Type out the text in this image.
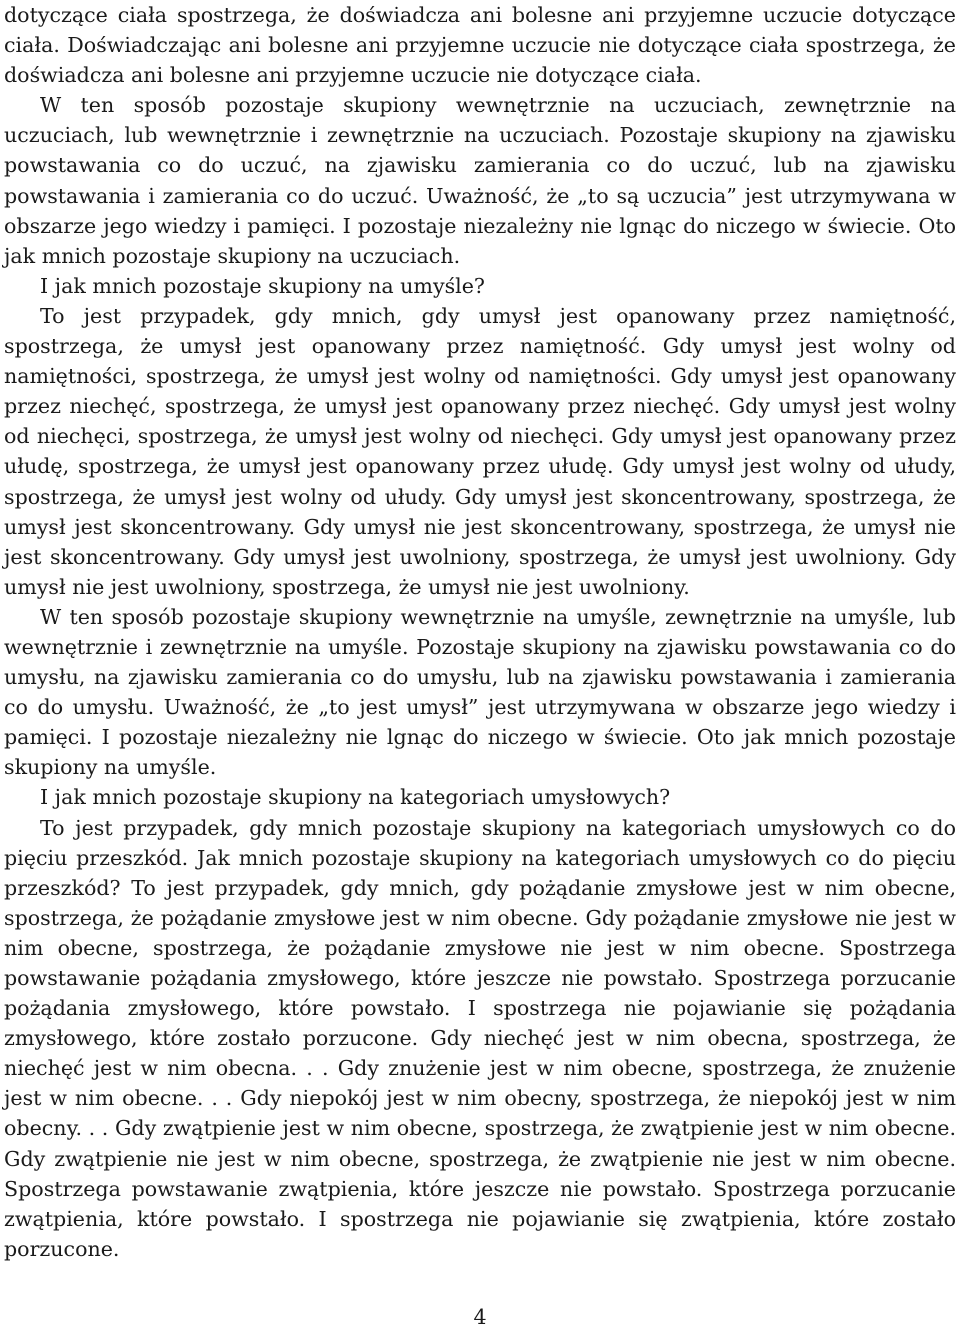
dotyczące ciała spostrzega, że doświadcza ani bolesne ani przyjemne uczucie dotyczące ciała. Doświadczając ani bolesne ani przyjemne uczucie nie dotyczące ciała spostrzega, że doświadcza ani bolesne ani przyjemne uczucie nie dotyczące ciała.

W ten sposób pozostaje skupiony wewnętrznie na uczuciach, zewnętrznie na uczuciach, lub wewnętrznie i zewnętrznie na uczuciach. Pozostaje skupiony na zjawisku powstawania co do uczuć, na zjawisku zamierania co do uczuć, lub na zjawisku powstawania i zamierania co do uczuć. Uważność, że „to są uczucia” jest utrzymywana w obszarze jego wiedzy i pamięci. I pozostaje niezależny nie lgnąc do niczego w świecie. Oto jak mnich pozostaje skupiony na uczuciach.

I jak mnich pozostaje skupiony na umyśle?

To jest przypadek, gdy mnich, gdy umysł jest opanowany przez namiętność, spostrzega, że umysł jest opanowany przez namiętność. Gdy umysł jest wolny od namiętności, spostrzega, że umysł jest wolny od namiętności. Gdy umysł jest opanowany przez niechęć, spostrzega, że umysł jest opanowany przez niechęć. Gdy umysł jest wolny od niechęci, spostrzega, że umysł jest wolny od niechęci. Gdy umysł jest opanowany przez ułudę, spostrzega, że umysł jest opanowany przez ułudę. Gdy umysł jest wolny od ułudy, spostrzega, że umysł jest wolny od ułudy. Gdy umysł jest skoncentrowany, spostrzega, że umysł jest skoncentrowany. Gdy umysł nie jest skoncentrowany, spostrzega, że umysł nie jest skoncentrowany. Gdy umysł jest uwolniony, spostrzega, że umysł jest uwolniony. Gdy umysł nie jest uwolniony, spostrzega, że umysł nie jest uwolniony.

W ten sposób pozostaje skupiony wewnętrznie na umyśle, zewnętrznie na umyśle, lub wewnętrznie i zewnętrznie na umyśle. Pozostaje skupiony na zjawisku powstawania co do umysłu, na zjawisku zamierania co do umysłu, lub na zjawisku powstawania i zamierania co do umysłu. Uważność, że „to jest umysł” jest utrzymywana w obszarze jego wiedzy i pamięci. I pozostaje niezależny nie lgnąc do niczego w świecie. Oto jak mnich pozostaje skupiony na umyśle.

I jak mnich pozostaje skupiony na kategoriach umysłowych?

To jest przypadek, gdy mnich pozostaje skupiony na kategoriach umysłowych co do pięciu przeszkód. Jak mnich pozostaje skupiony na kategoriach umysłowych co do pięciu przeszkód? To jest przypadek, gdy mnich, gdy pożądanie zmysłowe jest w nim obecne, spostrzega, że pożądanie zmysłowe jest w nim obecne. Gdy pożądanie zmysłowe nie jest w nim obecne, spostrzega, że pożądanie zmysłowe nie jest w nim obecne. Spostrzega powstawanie pożądania zmysłowego, które jeszcze nie powstało. Spostrzega porzucanie pożądania zmysłowego, które powstało. I spostrzega nie pojawianie się pożądania zmysłowego, które zostało porzucone. Gdy niechęć jest w nim obecna, spostrzega, że niechęć jest w nim obecna. . . Gdy znużenie jest w nim obecne, spostrzega, że znużenie jest w nim obecne. . . Gdy niepokój jest w nim obecny, spostrzega, że niepokój jest w nim obecny. . . Gdy zwątpienie jest w nim obecne, spostrzega, że zwątpienie jest w nim obecne. Gdy zwątpienie nie jest w nim obecne, spostrzega, że zwątpienie nie jest w nim obecne. Spostrzega powstawanie zwątpienia, które jeszcze nie powstało. Spostrzega porzucanie zwątpienia, które powstało. I spostrzega nie pojawianie się zwątpienia, które zostało porzucone.

4
